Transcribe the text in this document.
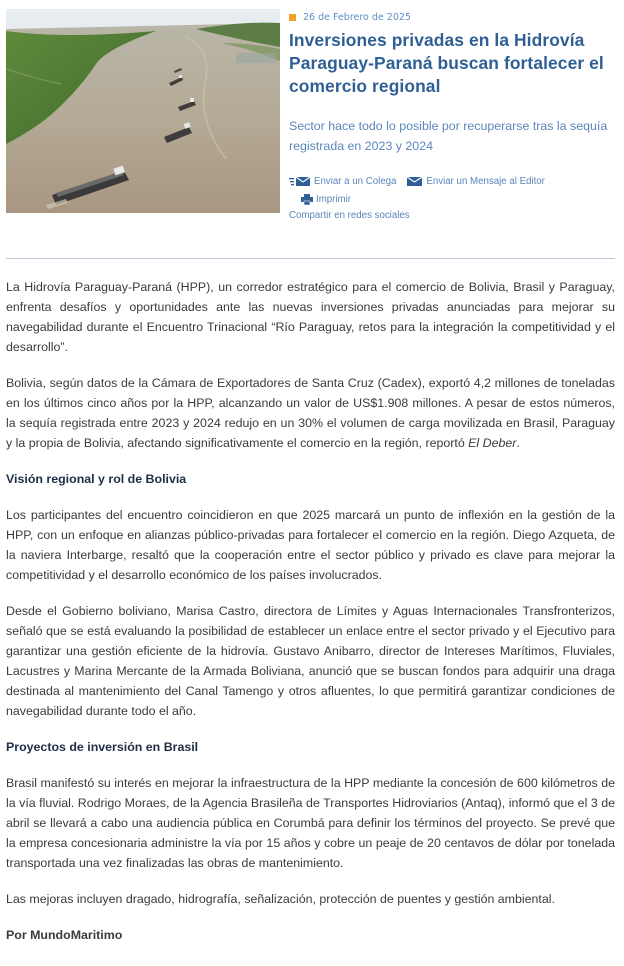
26 de Febrero de 2025
Inversiones privadas en la Hidrovía Paraguay-Paraná buscan fortalecer el comercio regional

Sector hace todo lo posible por recuperarse tras la sequía registrada en 2023 y 2024

Enviar a un Colega	Enviar un Mensaje al Editor
Imprimir
Compartir en redes sociales

La Hidrovía Paraguay-Paraná (HPP), un corredor estratégico para el comercio de Bolivia, Brasil y Paraguay, enfrenta desafíos y oportunidades ante las nuevas inversiones privadas anunciadas para mejorar su navegabilidad durante el Encuentro Trinacional “Río Paraguay, retos para la integración la competitividad y el desarrollo”.

Bolivia, según datos de la Cámara de Exportadores de Santa Cruz (Cadex), exportó 4,2 millones de toneladas en los últimos cinco años por la HPP, alcanzando un valor de US$1.908 millones. A pesar de estos números, la sequía registrada entre 2023 y 2024 redujo en un 30% el volumen de carga movilizada en Brasil, Paraguay y la propia de Bolivia, afectando significativamente el comercio en la región, reportó El Deber.

Visión regional y rol de Bolivia

Los participantes del encuentro coincidieron en que 2025 marcará un punto de inflexión en la gestión de la HPP, con un enfoque en alianzas público-privadas para fortalecer el comercio en la región. Diego Azqueta, de la naviera Interbarge, resaltó que la cooperación entre el sector público y privado es clave para mejorar la competitividad y el desarrollo económico de los países involucrados.

Desde el Gobierno boliviano, Marisa Castro, directora de Límites y Aguas Internacionales Transfronterizos, señaló que se está evaluando la posibilidad de establecer un enlace entre el sector privado y el Ejecutivo para garantizar una gestión eficiente de la hidrovía. Gustavo Anibarro, director de Intereses Marítimos, Fluviales, Lacustres y Marina Mercante de la Armada Boliviana, anunció que se buscan fondos para adquirir una draga destinada al mantenimiento del Canal Tamengo y otros afluentes, lo que permitirá garantizar condiciones de navegabilidad durante todo el año.

Proyectos de inversión en Brasil

Brasil manifestó su interés en mejorar la infraestructura de la HPP mediante la concesión de 600 kilómetros de la vía fluvial. Rodrigo Moraes, de la Agencia Brasileña de Transportes Hidroviarios (Antaq), informó que el 3 de abril se llevará a cabo una audiencia pública en Corumbá para definir los términos del proyecto. Se prevé que la empresa concesionaria administre la vía por 15 años y cobre un peaje de 20 centavos de dólar por tonelada transportada una vez finalizadas las obras de mantenimiento.

Las mejoras incluyen dragado, hidrografía, señalización, protección de puentes y gestión ambiental.

Por MundoMaritimo
